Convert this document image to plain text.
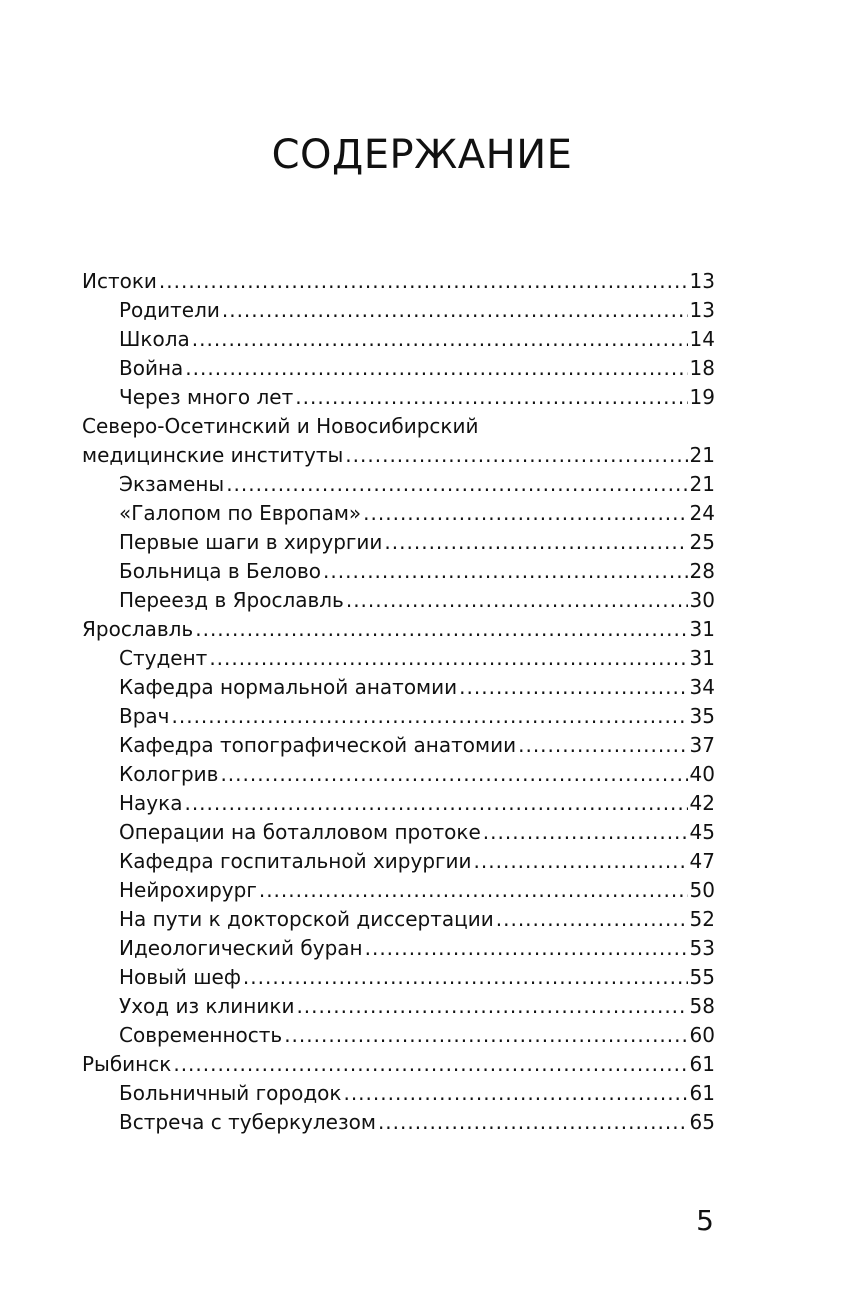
СОДЕРЖАНИЕ
Истоки .....	13
Родители .....	13
Школа .....	14
Война .....	18
Через много лет .....	19
Северо-Осетинский и Новосибирский
медицинские институты .....	21
Экзамены .....	21
«Галопом по Европам» .....	24
Первые шаги в хирургии .....	25
Больница в Белово .....	28
Переезд в Ярославль .....	30
Ярославль .....	31
Студент .....	31
Кафедра нормальной анатомии .....	34
Врач .....	35
Кафедра топографической анатомии .....	37
Кологрив .....	40
Наука .....	42
Операции на боталловом протоке .....	45
Кафедра госпитальной хирургии .....	47
Нейрохирург .....	50
На пути к докторской диссертации .....	52
Идеологический буран .....	53
Новый шеф .....	55
Уход из клиники .....	58
Современность .....	60
Рыбинск .....	61
Больничный городок .....	61
Встреча с туберкулезом .....	65
5
